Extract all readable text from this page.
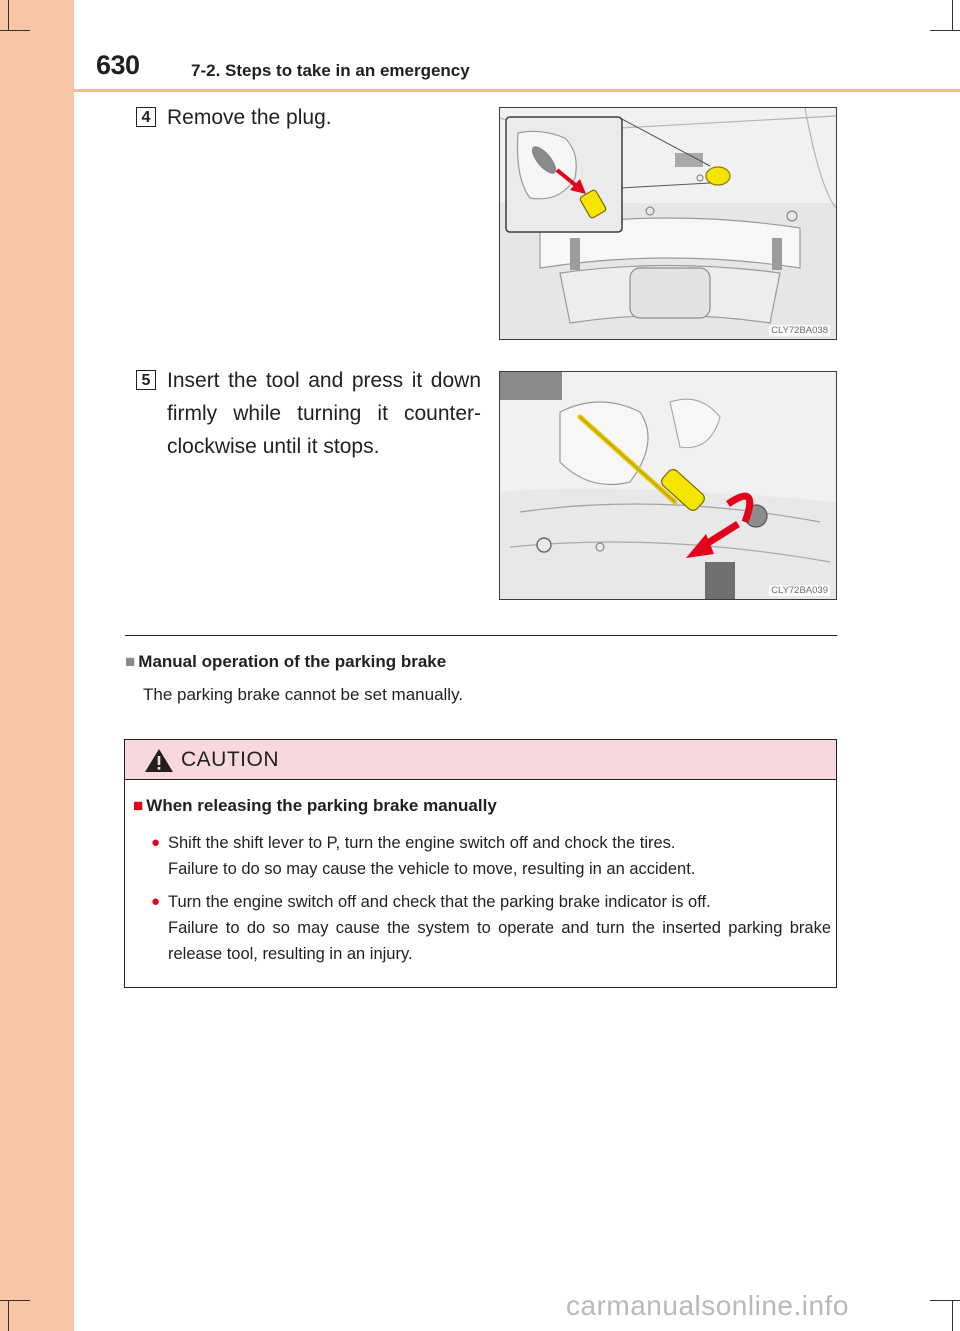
630	7-2. Steps to take in an emergency
4 Remove the plug.
CLY72BA038
5 Insert the tool and press it down firmly while turning it counter-clockwise until it stops.
CLY72BA039
■ Manual operation of the parking brake
The parking brake cannot be set manually.
CAUTION
■ When releasing the parking brake manually
● Shift the shift lever to P, turn the engine switch off and chock the tires.
Failure to do so may cause the vehicle to move, resulting in an accident.
● Turn the engine switch off and check that the parking brake indicator is off.
Failure to do so may cause the system to operate and turn the inserted parking brake release tool, resulting in an injury.
carmanualsonline.info
